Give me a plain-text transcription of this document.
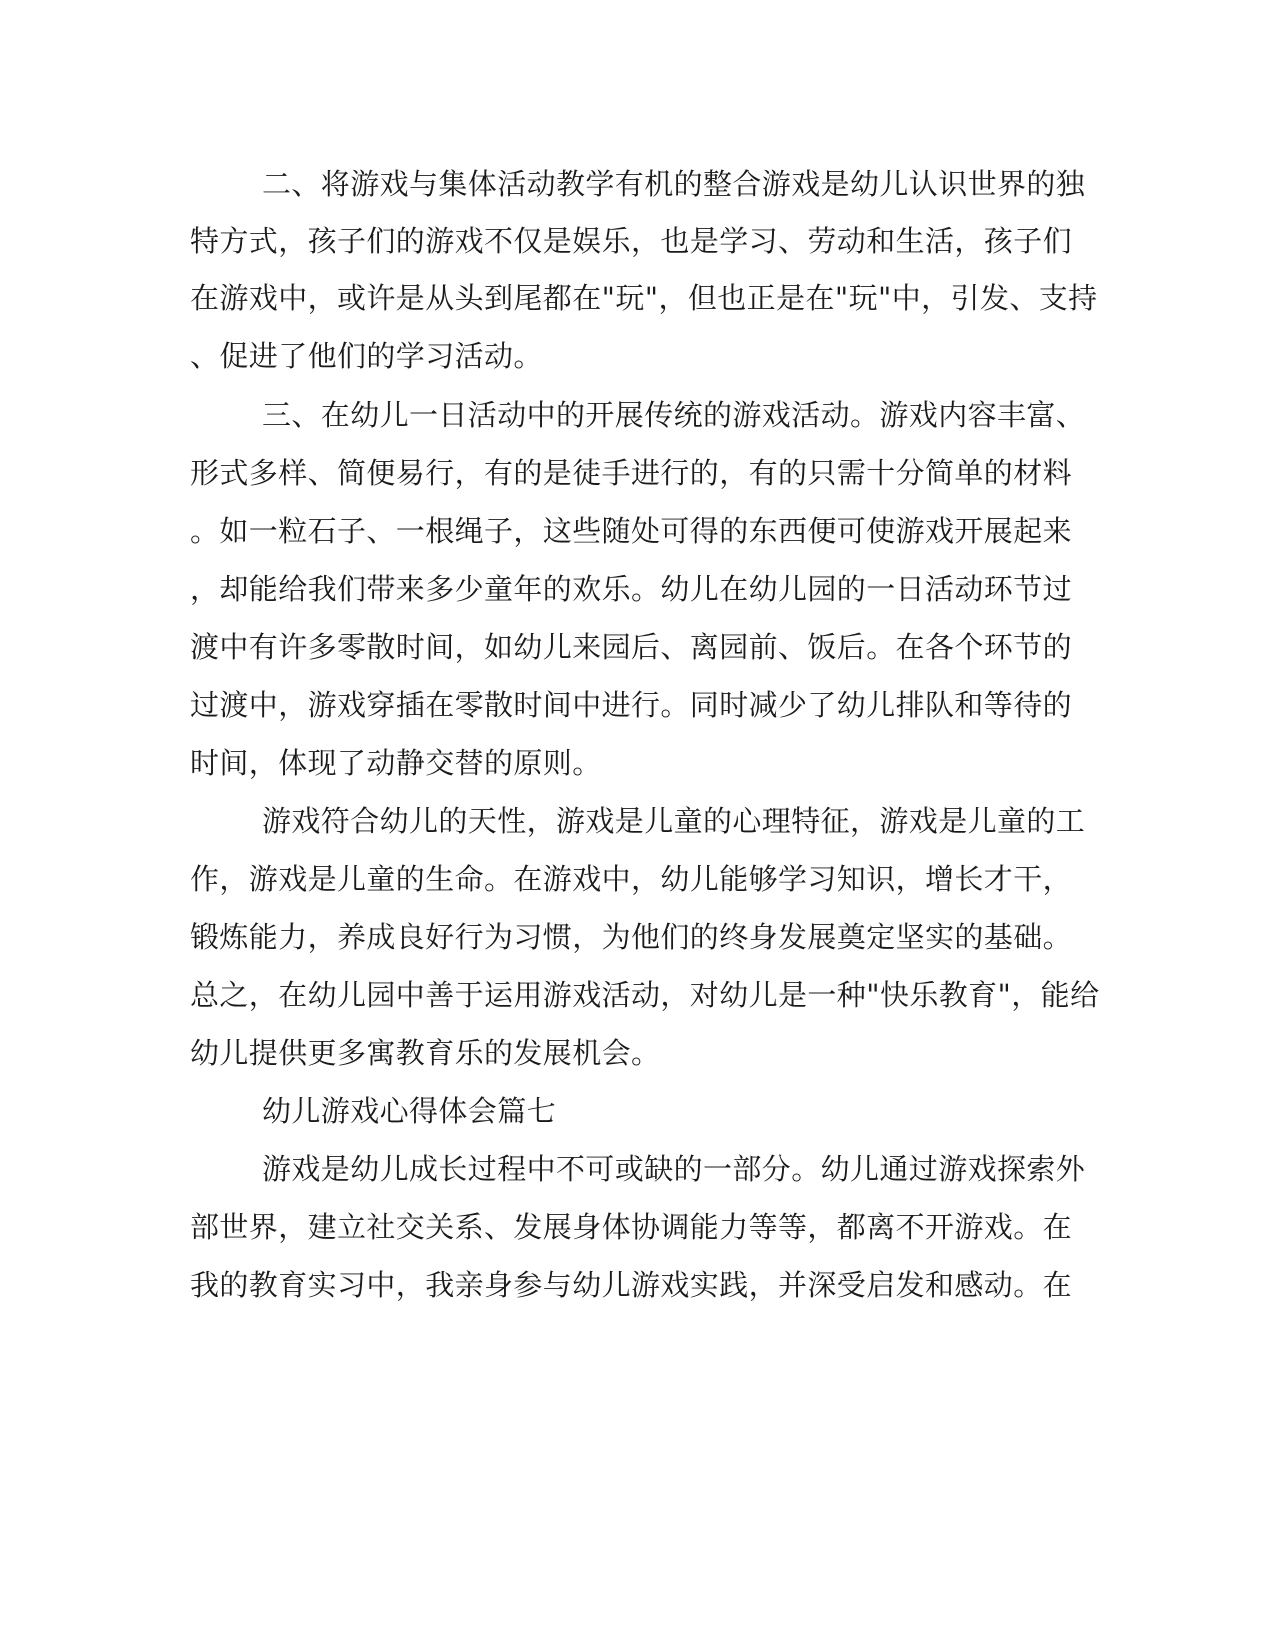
二、将游戏与集体活动教学有机的整合游戏是幼儿认识世界的独

特方式，孩子们的游戏不仅是娱乐，也是学习、劳动和生活，孩子们

在游戏中，或许是从头到尾都在"玩"，但也正是在"玩"中，引发、支持

、促进了他们的学习活动。

三、在幼儿一日活动中的开展传统的游戏活动。游戏内容丰富、

形式多样、简便易行，有的是徒手进行的，有的只需十分简单的材料

。如一粒石子、一根绳子，这些随处可得的东西便可使游戏开展起来

，却能给我们带来多少童年的欢乐。幼儿在幼儿园的一日活动环节过

渡中有许多零散时间，如幼儿来园后、离园前、饭后。在各个环节的

过渡中，游戏穿插在零散时间中进行。同时减少了幼儿排队和等待的

时间，体现了动静交替的原则。

游戏符合幼儿的天性，游戏是儿童的心理特征，游戏是儿童的工

作，游戏是儿童的生命。在游戏中，幼儿能够学习知识，增长才干，

锻炼能力，养成良好行为习惯，为他们的终身发展奠定坚实的基础。

总之，在幼儿园中善于运用游戏活动，对幼儿是一种"快乐教育"，能给

幼儿提供更多寓教育乐的发展机会。

幼儿游戏心得体会篇七

游戏是幼儿成长过程中不可或缺的一部分。幼儿通过游戏探索外

部世界，建立社交关系、发展身体协调能力等等，都离不开游戏。在

我的教育实习中，我亲身参与幼儿游戏实践，并深受启发和感动。在
